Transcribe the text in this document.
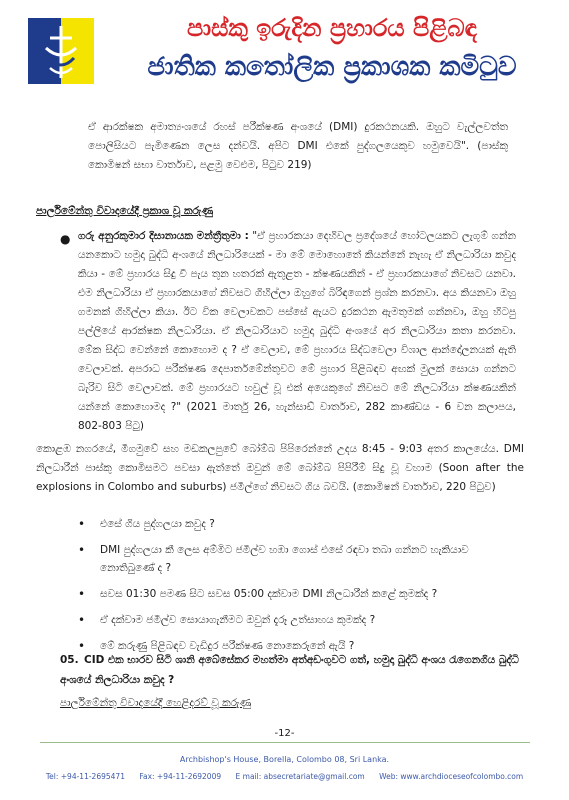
පාස්කු ඉරුදින ප්‍රහාරය පිළිබඳ
ජාතික කතෝලික ප්‍රකාශක කමිටුව
ඒ ආරක්ෂක අමාත්‍යංශයේ රහස් පරීක්ෂණ අංශයේ (DMI) දුරකථනයකි. ඔහුට වැල්ලවත්ත පොලිසියට පැමිණෙන ලෙස දන්වයි. අපිට DMI එකේ පුද්ගලයෙකුව හමුවෙයි". (පාස්කු කොමිෂන් සභා වාර්තාව, පළමු වෙළුම, පිටුව 219)
පාර්ලිමේන්තු විවාදයේදී ප්‍රකාශ වූ කරුණු
● ගරු අනුරකුමාර දිසානායක මන්ත්‍රීතුමා : "ඒ ප්‍රහාරකයා දෙහිවල ප්‍රදේශයේ හෝටලයකට ලැගුම් ගන්න යනකොට හමුදා බුද්ධි අංශයේ නිලධාරියෙක් - මා මේ මොහොතේ කියන්නේ නැහැ ඒ නිලධාරියා කවුද කියා - මේ ප්‍රහාරය සිදු වී පැය තුන හතරක් ඇතුළත - ක්ෂණයකින් - ඒ ප්‍රහාරකයාගේ නිවසට යනවා. එම නිලධාරියා ඒ ප්‍රහාරකයාගේ නිවසට ගිහිල්ලා ඔහුගේ බිරිඳගෙන් ප්‍රශ්න කරනවා. අය කියනවා ඔහු ගමනක් ගිහිල්ලා කියා. ඊට වික වෙලාවකට පස්සේ ඇයට දුරකථන ඇමතුමක් ගන්නවා, ඔහු හිටපු පල්ලියේ ආරක්ෂක නිලධාරියා. ඒ නිලධාරියාට හමුදා බුද්ධි අංශයේ අර නිලධාරියා කතා කරනවා. මේක සිද්ධ වෙන්නේ කොහොම ද ? ඒ වෙලාව, මේ ප්‍රහාරය සිද්ධවෙලා විශාල ආන්දෝලනයක් ඇති වෙලාවක්. අපරාධ පරීක්ෂණ දෙපාර්තමේන්තුවට මේ ප්‍රහාර පිළිබඳව අඟක් මුලක් සොයා ගන්නට බැරිව සිටි වෙලාවක්. මේ ප්‍රහාරයට හවුල් වූ එක් අයෙකුගේ නිවසට මේ නිලධාරියා ක්ෂණයකින් යන්නේ කොහොමද ?" (2021 මාර්තු 26, හැන්සාඩ් වාර්තාව, 282 කාණ්ඩය - 6 වන කලාපය, 802-803 පිටු)
කොළඹ නගරයේ, මීගමුවේ සහ මඩකලපුවේ බෝම්බ පිපිරෙන්නේ උදය 8:45 - 9:03 අතර කාලයේය. DMI නිලධාරීන් පාස්කු කොමිසමට පවසා ඇත්තේ ඔවුන් මේ බෝම්බ පිපිරීම් සිදු වූ වහාම (Soon after the explosions in Colombo and suburbs) ජමීල්ගේ නිවසට ගිය බවයි. (කොමිෂන් වාර්තාව, 220 පිටුව)
• එසේ ගිය පුද්ගලයා කවුද ?
• DMI පුද්ගලයා කී ලෙස අම්මිට ජමීල්ව හඹා ගොස් එසේ රඳවා තබා ගන්නට හැකියාව නොතිබුණේ ද ?
• සවස 01:30 පමණ සිට සවස 05:00 දක්වාම DMI නිලධාරීන් කළේ කුමක්ද ?
• ඒ දක්වාම ජමීල්ව සොයාගැනීමට ඔවුන් දැරූ උත්සාහය කුමක්ද ?
• මේ කරුණු පිළිබඳව වැඩිදුර පරීක්ෂණ නොකෙරුනේ ඇයි ?
05. CID එක භාරව සිටි ශානි අබේසේකර මහත්මා අත්අඩංගුවට ගත්, හමුදා බුද්ධි අංශය රැගෙනගිය බුද්ධි අංශයේ නිලධාරියා කවුද ?
පාර්ලිමේන්තු විවාදයේදී හෙළිදරව් වූ කරුණු
-12-
Archbishop's House, Borella, Colombo 08, Sri Lanka.
Tel: +94-11-2695471 Fax: +94-11-2692009 E mail: absecretariate@gmail.com Web: www.archdioceseofcolombo.com
